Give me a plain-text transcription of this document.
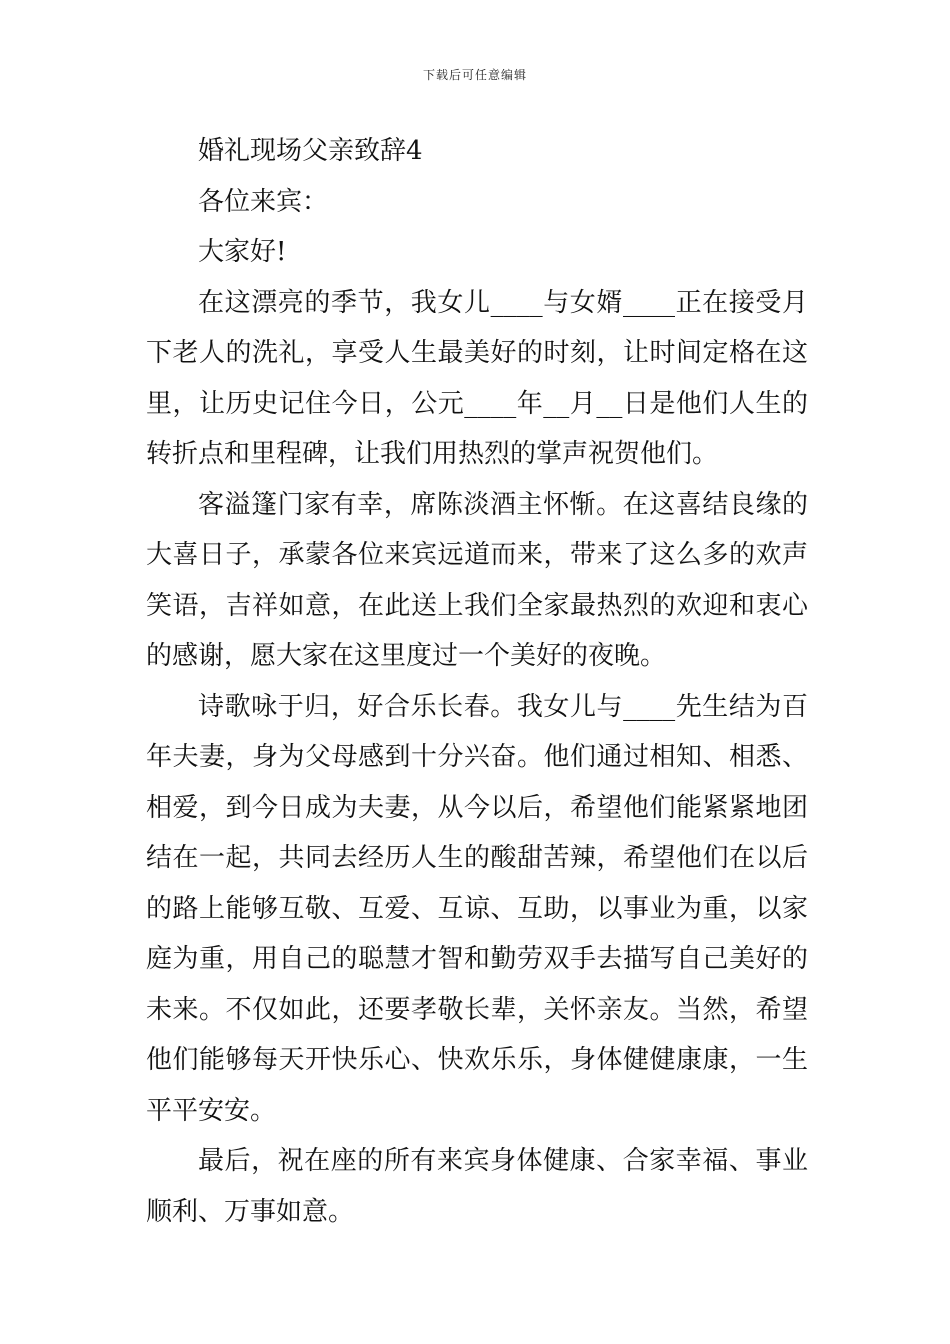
下载后可任意编辑
婚礼现场父亲致辞4
各位来宾：
大家好!

在这漂亮的季节，我女儿____与女婿____正在接受月下老人的洗礼，享受人生最美好的时刻，让时间定格在这里，让历史记住今日，公元____年__月__日是他们人生的转折点和里程碑，让我们用热烈的掌声祝贺他们。

客溢篷门家有幸，席陈淡酒主怀惭。在这喜结良缘的大喜日子，承蒙各位来宾远道而来，带来了这么多的欢声笑语，吉祥如意，在此送上我们全家最热烈的欢迎和衷心的感谢，愿大家在这里度过一个美好的夜晚。

诗歌咏于归，好合乐长春。我女儿与____先生结为百年夫妻，身为父母感到十分兴奋。他们通过相知、相悉、相爱，到今日成为夫妻，从今以后，希望他们能紧紧地团结在一起，共同去经历人生的酸甜苦辣，希望他们在以后的路上能够互敬、互爱、互谅、互助，以事业为重，以家庭为重，用自己的聪慧才智和勤劳双手去描写自己美好的未来。不仅如此，还要孝敬长辈，关怀亲友。当然，希望他们能够每天开快乐心、快欢乐乐，身体健健康康，一生平平安安。

最后，祝在座的所有来宾身体健康、合家幸福、事业顺利、万事如意。
